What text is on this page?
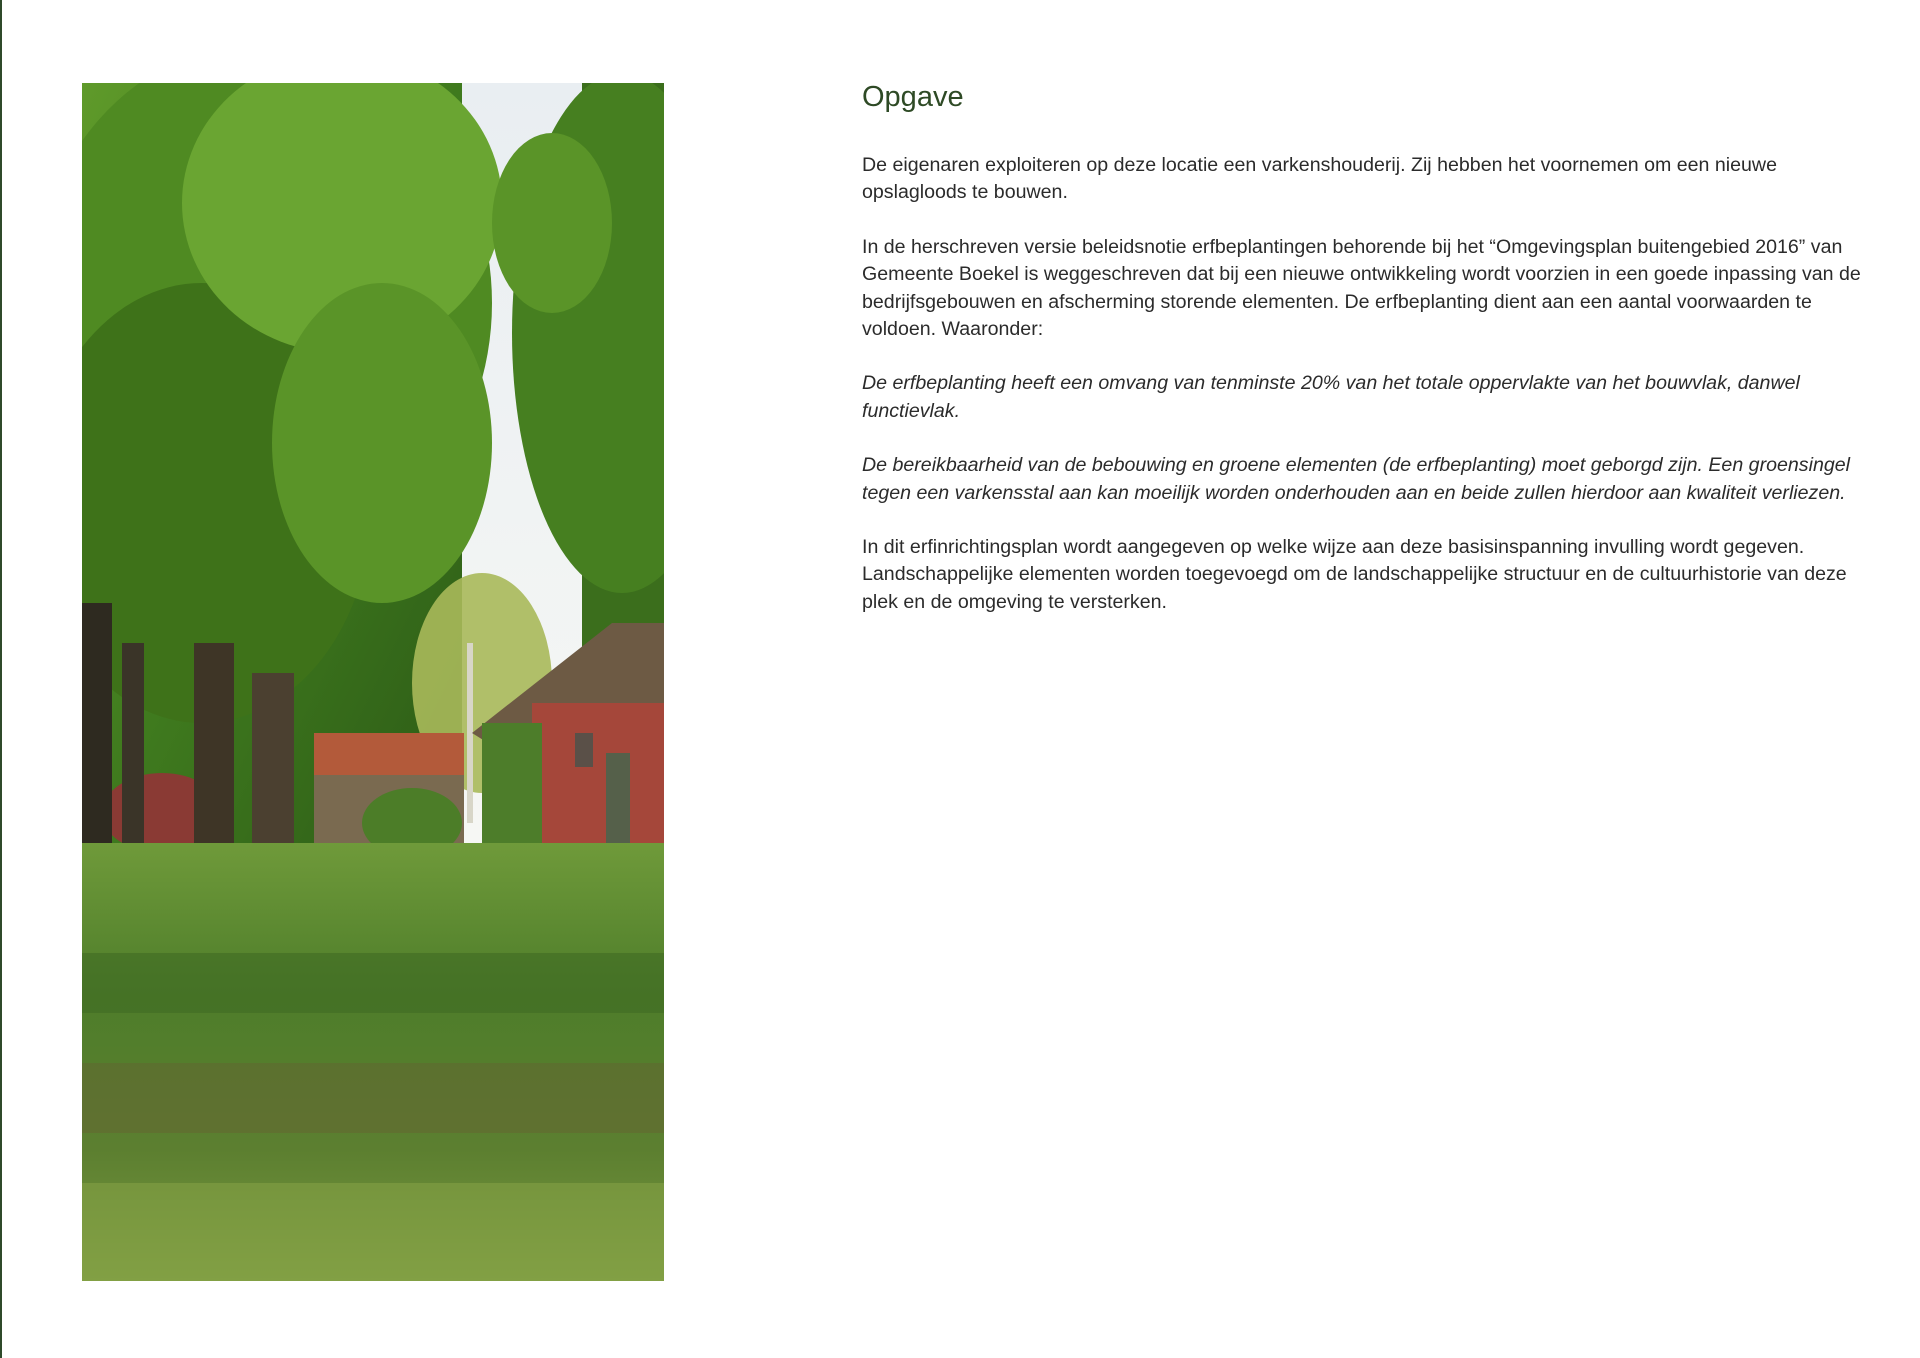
Opgave

De eigenaren exploiteren op deze locatie een varkenshouderij. Zij hebben het voornemen om een nieuwe opslagloods te bouwen.

In de herschreven versie beleidsnotie erfbeplantingen behorende bij het “Omgevingsplan buitengebied 2016” van Gemeente Boekel is weggeschreven dat bij een nieuwe ontwikkeling wordt voorzien in een goede inpassing van de bedrijfsgebouwen en afscherming storende elementen. De erfbeplanting dient aan een aantal voorwaarden te voldoen. Waaronder:

De erfbeplanting heeft een omvang van tenminste 20% van het totale oppervlakte van het bouwvlak, danwel functievlak.

De bereikbaarheid van de bebouwing en groene elementen (de erfbeplanting) moet geborgd zijn. Een groensingel tegen een varkensstal aan kan moeilijk worden onderhouden aan en beide zullen hierdoor aan kwaliteit verliezen.

In dit erfinrichtingsplan wordt aangegeven op welke wijze aan deze basisinspanning invulling wordt gegeven. Landschappelijke elementen worden toegevoegd om de landschappelijke structuur en de cultuurhistorie van deze plek en de omgeving te versterken.
